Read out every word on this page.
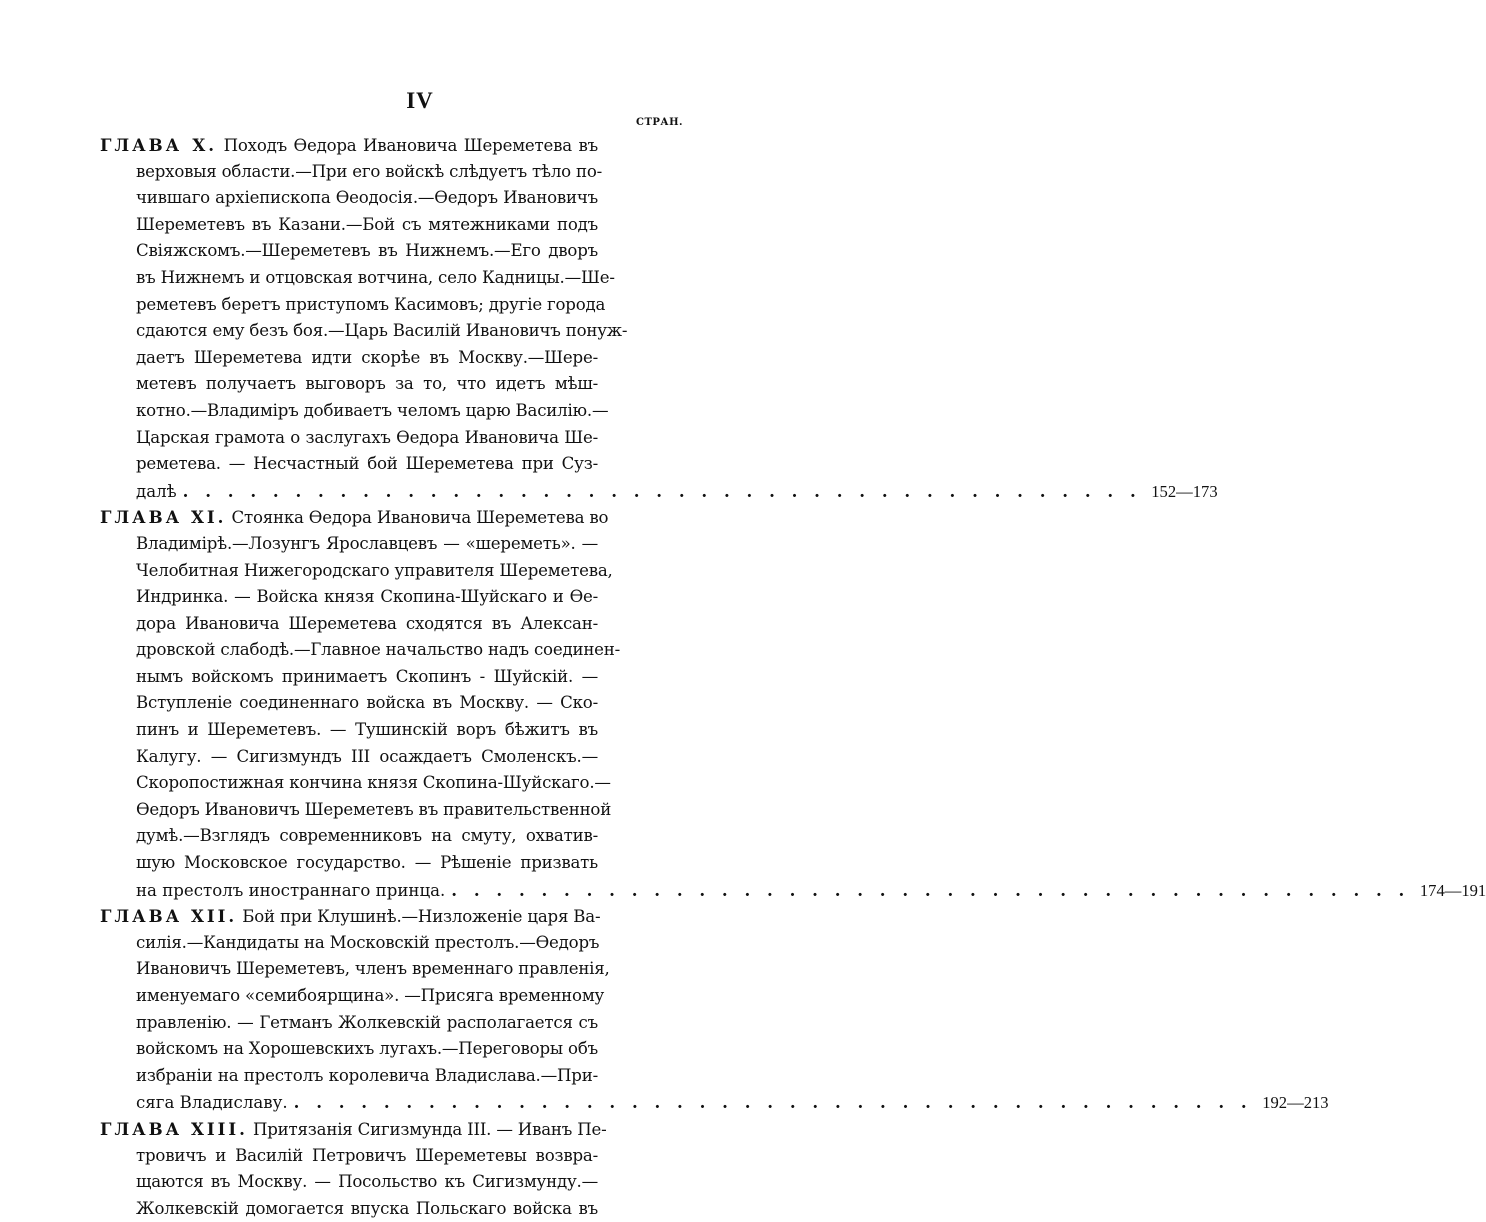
IV
СТРАН.
ГЛАВА X. Походъ Өедора Ивановича Шереметева въ
верховыя области.—При его войскѣ слѣдуетъ тѣло по-
чившаго архіепископа Өеодосія.—Өедоръ Ивановичъ
Шереметевъ въ Казани.—Бой съ мятежниками подъ
Свіяжскомъ.—Шереметевъ въ Нижнемъ.—Его дворъ
въ Нижнемъ и отцовская вотчина, село Кадницы.—Ше-
реметевъ беретъ приступомъ Касимовъ; другіе города
сдаются ему безъ боя.—Царь Василій Ивановичъ понуж-
даетъ Шереметева идти скорѣе въ Москву.—Шере-
метевъ получаетъ выговоръ за то, что идетъ мѣш-
котно.—Владиміръ добиваетъ челомъ царю Василію.—
Царская грамота о заслугахъ Өедора Ивановича Ше-
реметева. — Несчастный бой Шереметева при Суз-
далѣ . . . . . . . . . . . . . . . . . . . . . . . . . . . . . . . . . . . . . . . . . . . 152—173
ГЛАВА XI. Стоянка Өедора Ивановича Шереметева во
Владимірѣ.—Лозунгъ Ярославцевъ — «шереметь». —
Челобитная Нижегородскаго управителя Шереметева,
Индринка. — Войска князя Скопина-Шуйскаго и Өе-
дора Ивановича Шереметева сходятся въ Алексан-
дровской слабодѣ.—Главное начальство надъ соединен-
нымъ войскомъ принимаетъ Скопинъ - Шуйскій. —
Вступленіе соединеннаго войска въ Москву. — Ско-
пинъ и Шереметевъ. — Тушинскій воръ бѣжитъ въ
Калугу. — Сигизмундъ III осаждаетъ Смоленскъ.—
Скоропостижная кончина князя Скопина-Шуйскаго.—
Өедоръ Ивановичъ Шереметевъ въ правительственной
думѣ.—Взглядъ современниковъ на смуту, охватив-
шую Московское государство. — Рѣшеніе призвать
на престолъ иностраннаго принца. . . . . . . . . . . . . . . . . . . . . . . . . . . . . . . . . . . . . . . . . . . . 174—191
ГЛАВА XII. Бой при Клушинѣ.—Низложеніе царя Ва-
силія.—Кандидаты на Московскій престолъ.—Өедоръ
Ивановичъ Шереметевъ, членъ временнаго правленія,
именуемаго «семибоярщина». —Присяга временному
правленію. — Гетманъ Жолкевскій располагается съ
войскомъ на Хорошевскихъ лугахъ.—Переговоры объ
избраніи на престолъ королевича Владислава.—При-
сяга Владиславу. . . . . . . . . . . . . . . . . . . . . . . . . . . . . . . . . . . . . . . . . . . . 192—213
ГЛАВА XIII. Притязанія Сигизмунда III. — Иванъ Пе-
тровичъ и Василій Петровичъ Шереметевы возвра-
щаются въ Москву. — Посольство къ Сигизмунду.—
Жолкевскій домогается впуска Польскаго войска въ
